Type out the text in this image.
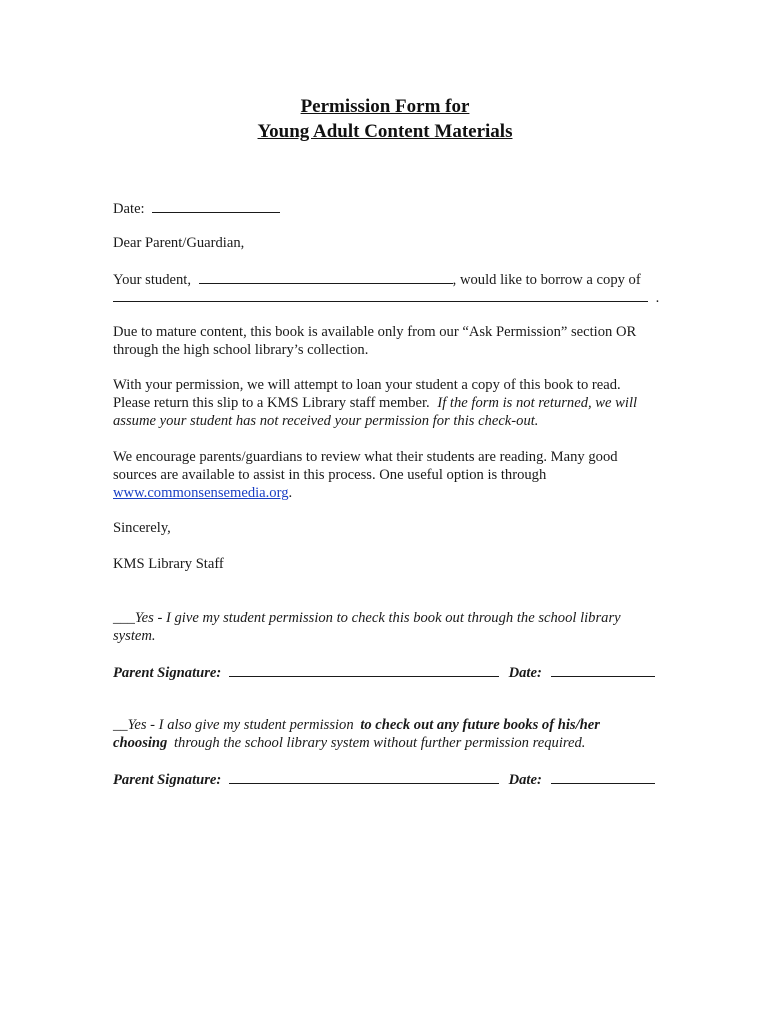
Permission Form for
Young Adult Content Materials
Date:
Dear Parent/Guardian,
Your student,	, would like to borrow a copy of
.
Due to mature content, this book is available only from our “Ask Permission” section OR
through the high school library’s collection.
With your permission, we will attempt to loan your student a copy of this book to read.
Please return this slip to a KMS Library staff member. If the form is not returned, we will
assume your student has not received your permission for this check-out.
We encourage parents/guardians to review what their students are reading. Many good
sources are available to assist in this process. One useful option is through
www.commonsensemedia.org.
Sincerely,
KMS Library Staff
___Yes - I give my student permission to check this book out through the school library
system.
Parent Signature:	Date:
__Yes - I also give my student permission to check out any future books of his/her
choosing through the school library system without further permission required.
Parent Signature:	Date:
